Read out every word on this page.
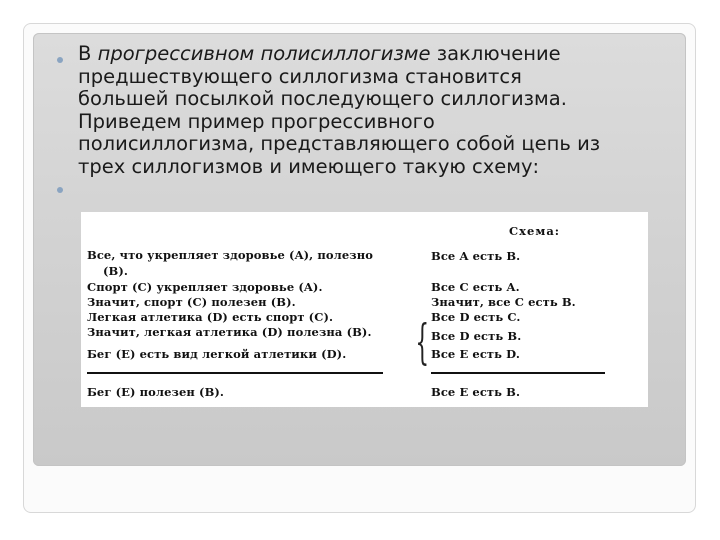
В прогрессивном полисиллогизме заключение
предшествующего силлогизма становится
большей посылкой последующего силлогизма.
Приведем пример прогрессивного
полисиллогизма, представляющего собой цепь из
трех силлогизмов и имеющего такую схему:

Схема:
Все, что укрепляет здоровье (A), полезно
(B).
Спорт (C) укрепляет здоровье (A).
Значит, спорт (C) полезен (B).
Легкая атлетика (D) есть спорт (C).
Значит, легкая атлетика (D) полезна (B).
Бег (E) есть вид легкой атлетики (D).
Бег (E) полезен (B).
Все A есть B.
Все C есть A.
Значит, все C есть B.
Все D есть C.
Все D есть B.
Все E есть D.
Все E есть B.
{
